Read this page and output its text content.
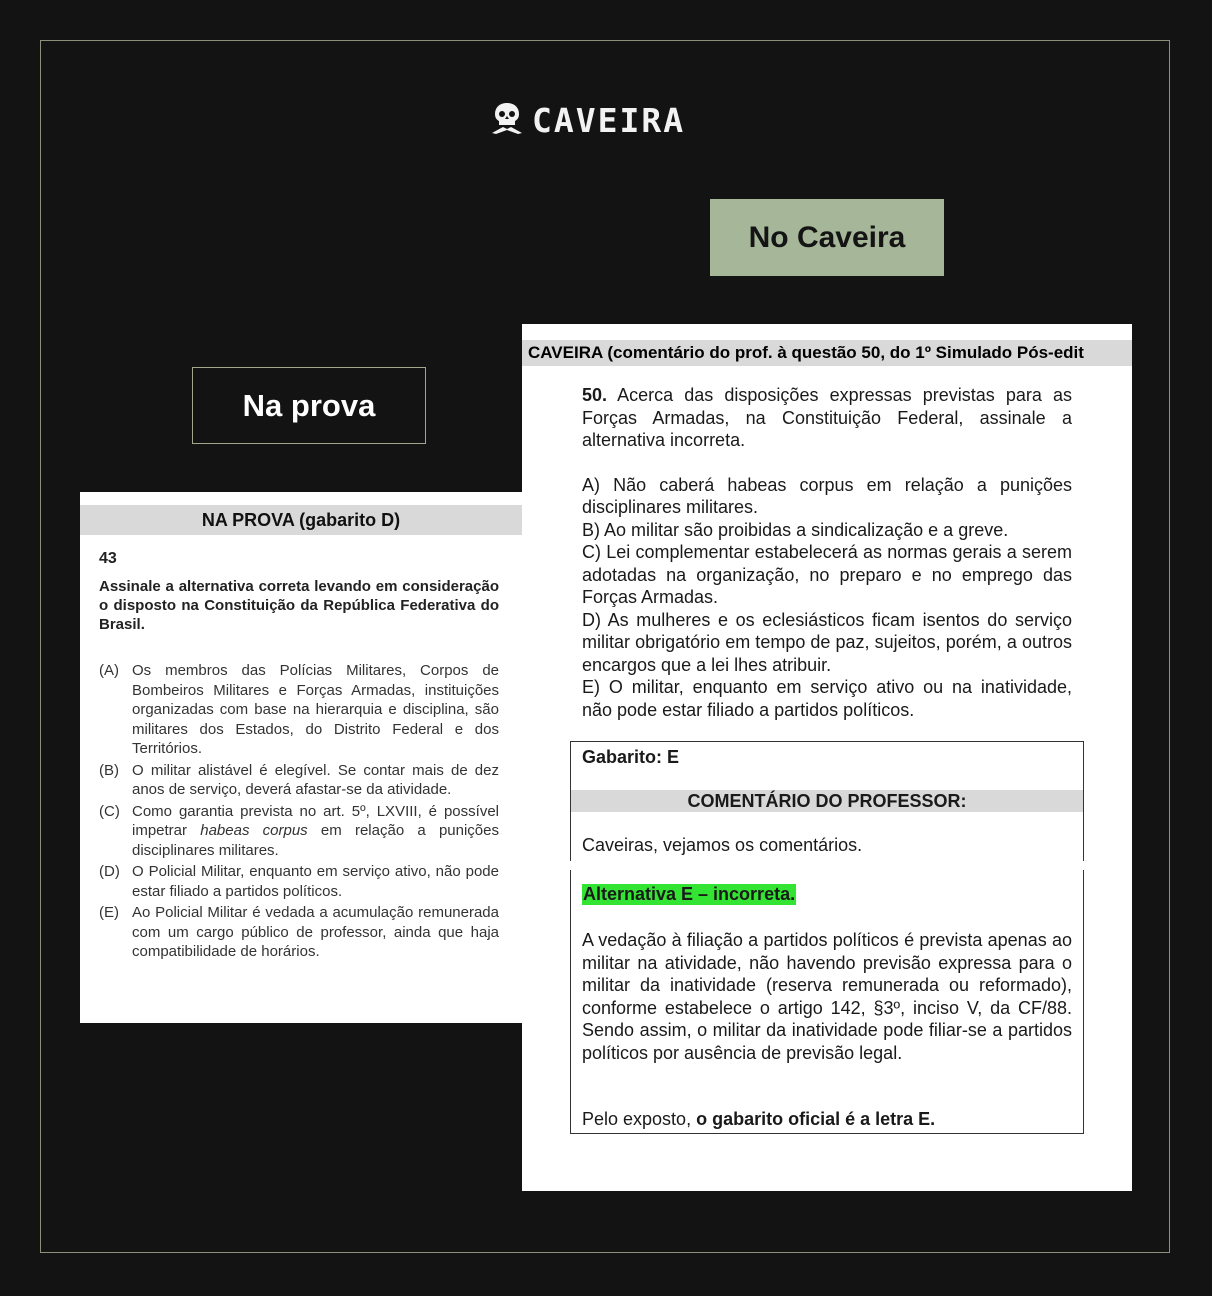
CAVEIRA
No Caveira
Na prova
NA PROVA (gabarito D)
43
Assinale a alternativa correta levando em consideração o disposto na Constituição da República Federativa do Brasil.
(A) Os membros das Polícias Militares, Corpos de Bombeiros Militares e Forças Armadas, instituições organizadas com base na hierarquia e disciplina, são militares dos Estados, do Distrito Federal e dos Territórios.
(B) O militar alistável é elegível. Se contar mais de dez anos de serviço, deverá afastar-se da atividade.
(C) Como garantia prevista no art. 5º, LXVIII, é possível impetrar habeas corpus em relação a punições disciplinares militares.
(D) O Policial Militar, enquanto em serviço ativo, não pode estar filiado a partidos políticos.
(E) Ao Policial Militar é vedada a acumulação remunerada com um cargo público de professor, ainda que haja compatibilidade de horários.
CAVEIRA (comentário do prof. à questão 50, do 1º Simulado Pós-edit

50. Acerca das disposições expressas previstas para as Forças Armadas, na Constituição Federal, assinale a alternativa incorreta.

A) Não caberá habeas corpus em relação a punições disciplinares militares.

B) Ao militar são proibidas a sindicalização e a greve.

C) Lei complementar estabelecerá as normas gerais a serem adotadas na organização, no preparo e no emprego das Forças Armadas.

D) As mulheres e os eclesiásticos ficam isentos do serviço militar obrigatório em tempo de paz, sujeitos, porém, a outros encargos que a lei lhes atribuir.

E) O militar, enquanto em serviço ativo ou na inatividade, não pode estar filiado a partidos políticos.

Gabarito: E
COMENTÁRIO DO PROFESSOR:
Caveiras, vejamos os comentários.
Alternativa E – incorreta.
A vedação à filiação a partidos políticos é prevista apenas ao militar na atividade, não havendo previsão expressa para o militar da inatividade (reserva remunerada ou reformado), conforme estabelece o artigo 142, §3º, inciso V, da CF/88. Sendo assim, o militar da inatividade pode filiar-se a partidos políticos por ausência de previsão legal.
Pelo exposto, o gabarito oficial é a letra E.
